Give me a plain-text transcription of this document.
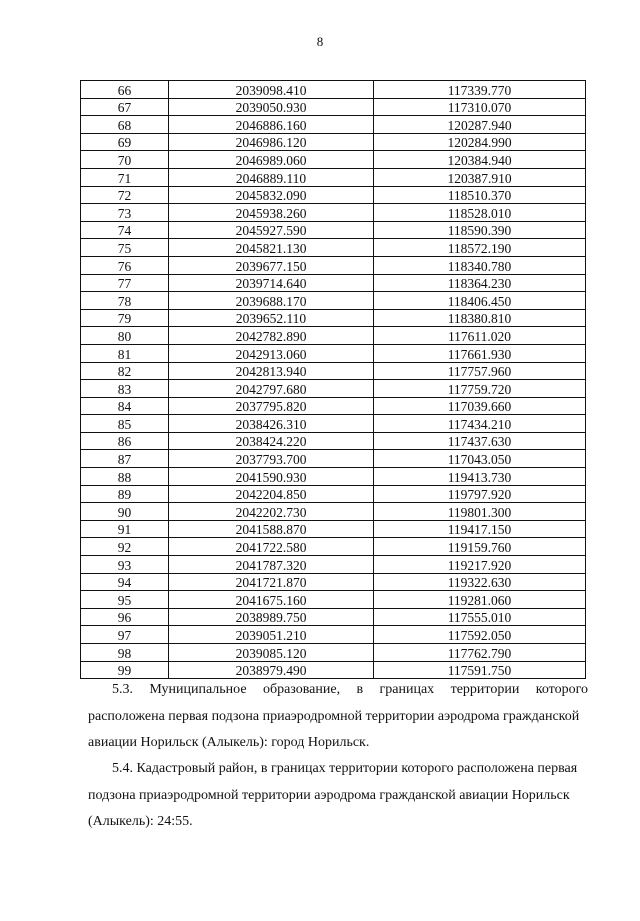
8
66	2039098.410	117339.770
67	2039050.930	117310.070
68	2046886.160	120287.940
69	2046986.120	120284.990
70	2046989.060	120384.940
71	2046889.110	120387.910
72	2045832.090	118510.370
73	2045938.260	118528.010
74	2045927.590	118590.390
75	2045821.130	118572.190
76	2039677.150	118340.780
77	2039714.640	118364.230
78	2039688.170	118406.450
79	2039652.110	118380.810
80	2042782.890	117611.020
81	2042913.060	117661.930
82	2042813.940	117757.960
83	2042797.680	117759.720
84	2037795.820	117039.660
85	2038426.310	117434.210
86	2038424.220	117437.630
87	2037793.700	117043.050
88	2041590.930	119413.730
89	2042204.850	119797.920
90	2042202.730	119801.300
91	2041588.870	119417.150
92	2041722.580	119159.760
93	2041787.320	119217.920
94	2041721.870	119322.630
95	2041675.160	119281.060
96	2038989.750	117555.010
97	2039051.210	117592.050
98	2039085.120	117762.790
99	2038979.490	117591.750
5.3. Муниципальное образование, в границах территории которого
расположена первая подзона приаэродромной территории аэродрома гражданской
авиации Норильск (Алыкель): город Норильск.
5.4. Кадастровый район, в границах территории которого расположена первая
подзона приаэродромной территории аэродрома гражданской авиации Норильск
(Алыкель): 24:55.
